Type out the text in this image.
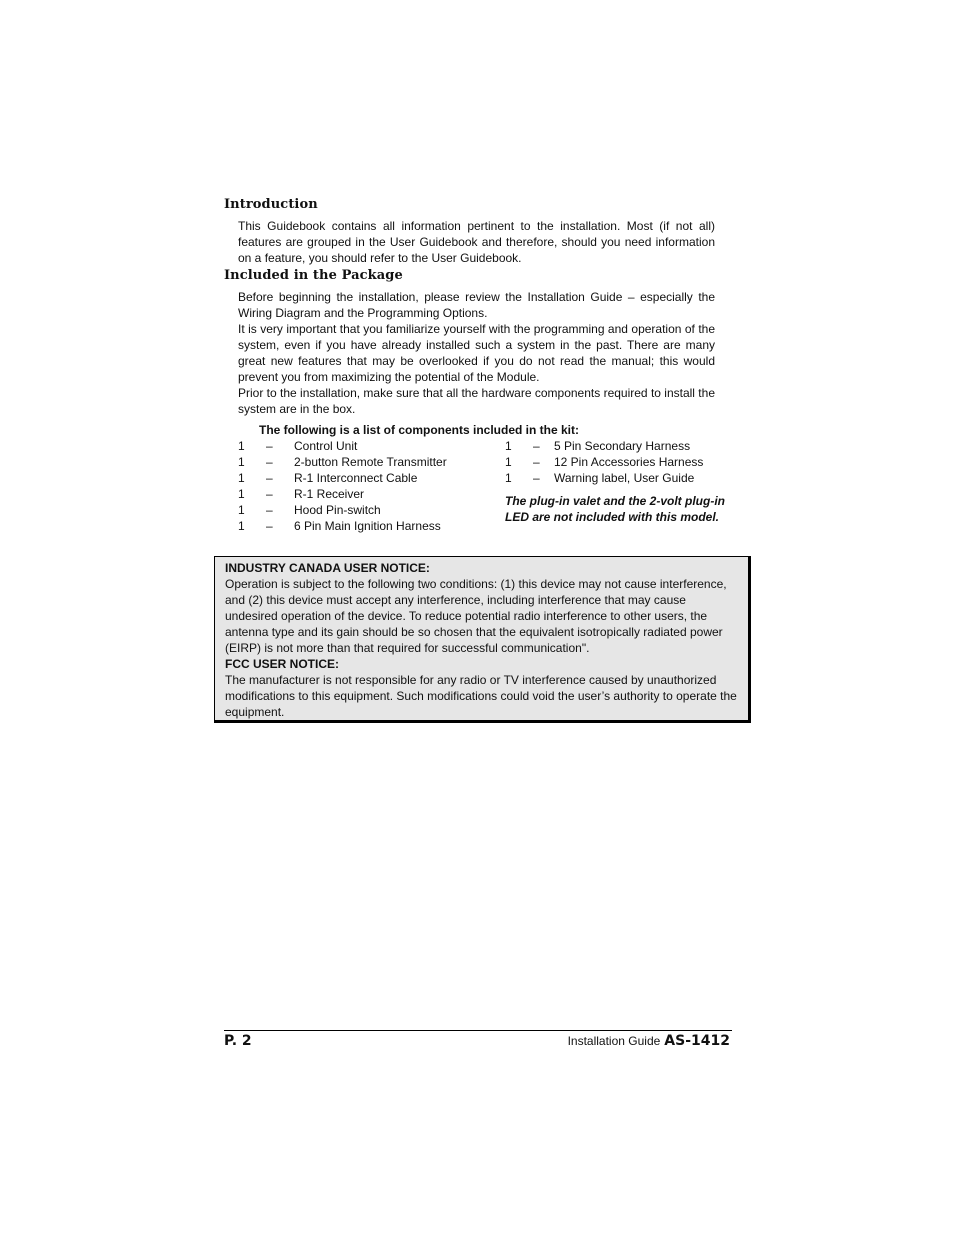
Introduction

This Guidebook contains all information pertinent to the installation. Most (if not all) features are grouped in the User Guidebook and therefore, should you need information on a feature, you should refer to the User Guidebook.

Included in the Package

Before beginning the installation, please review the Installation Guide – especially the Wiring Diagram and the Programming Options.

It is very important that you familiarize yourself with the programming and operation of the system, even if you have already installed such a system in the past. There are many great new features that may be overlooked if you do not read the manual; this would prevent you from maximizing the potential of the Module.

Prior to the installation, make sure that all the hardware components required to install the system are in the box.

The following is a list of components included in the kit:
1 – Control Unit
1 – 2-button Remote Transmitter
1 – R-1 Interconnect Cable
1 – R-1 Receiver
1 – Hood Pin-switch
1 – 6 Pin Main Ignition Harness
1 – 5 Pin Secondary Harness
1 – 12 Pin Accessories Harness
1 – Warning label, User Guide
The plug-in valet and the 2-volt plug-in LED are not included with this model.
INDUSTRY CANADA USER NOTICE:
Operation is subject to the following two conditions: (1) this device may not cause interference, and (2) this device must accept any interference, including interference that may cause undesired operation of the device. To reduce potential radio interference to other users, the antenna type and its gain should be so chosen that the equivalent isotropically radiated power (EIRP) is not more than that required for successful communication".
FCC USER NOTICE:
The manufacturer is not responsible for any radio or TV interference caused by unauthorized modifications to this equipment. Such modifications could void the user’s authority to operate the equipment.
P. 2	Installation Guide AS-1412
